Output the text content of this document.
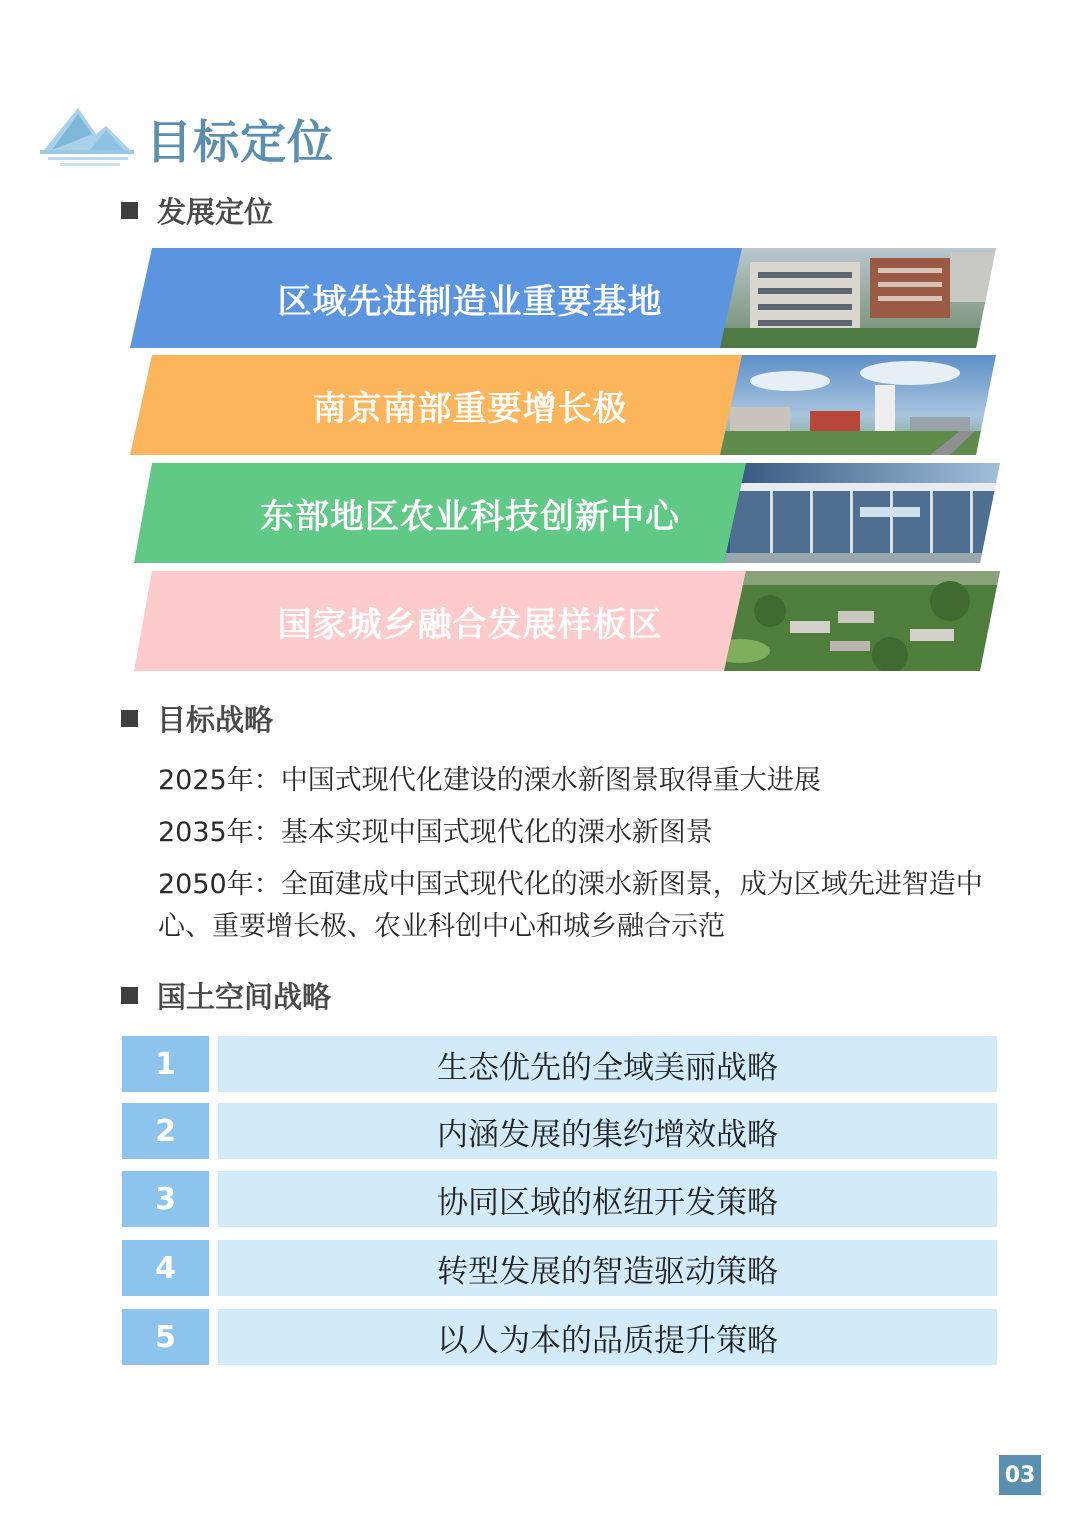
目标定位
发展定位
区域先进制造业重要基地
南京南部重要增长极
东部地区农业科技创新中心
国家城乡融合发展样板区
目标战略
2025年：中国式现代化建设的溧水新图景取得重大进展
2035年：基本实现中国式现代化的溧水新图景
2050年：全面建成中国式现代化的溧水新图景，成为区域先进智造中心、重要增长极、农业科创中心和城乡融合示范
国土空间战略
1	生态优先的全域美丽战略
2	内涵发展的集约增效战略
3	协同区域的枢纽开发策略
4	转型发展的智造驱动策略
5	以人为本的品质提升策略
03
